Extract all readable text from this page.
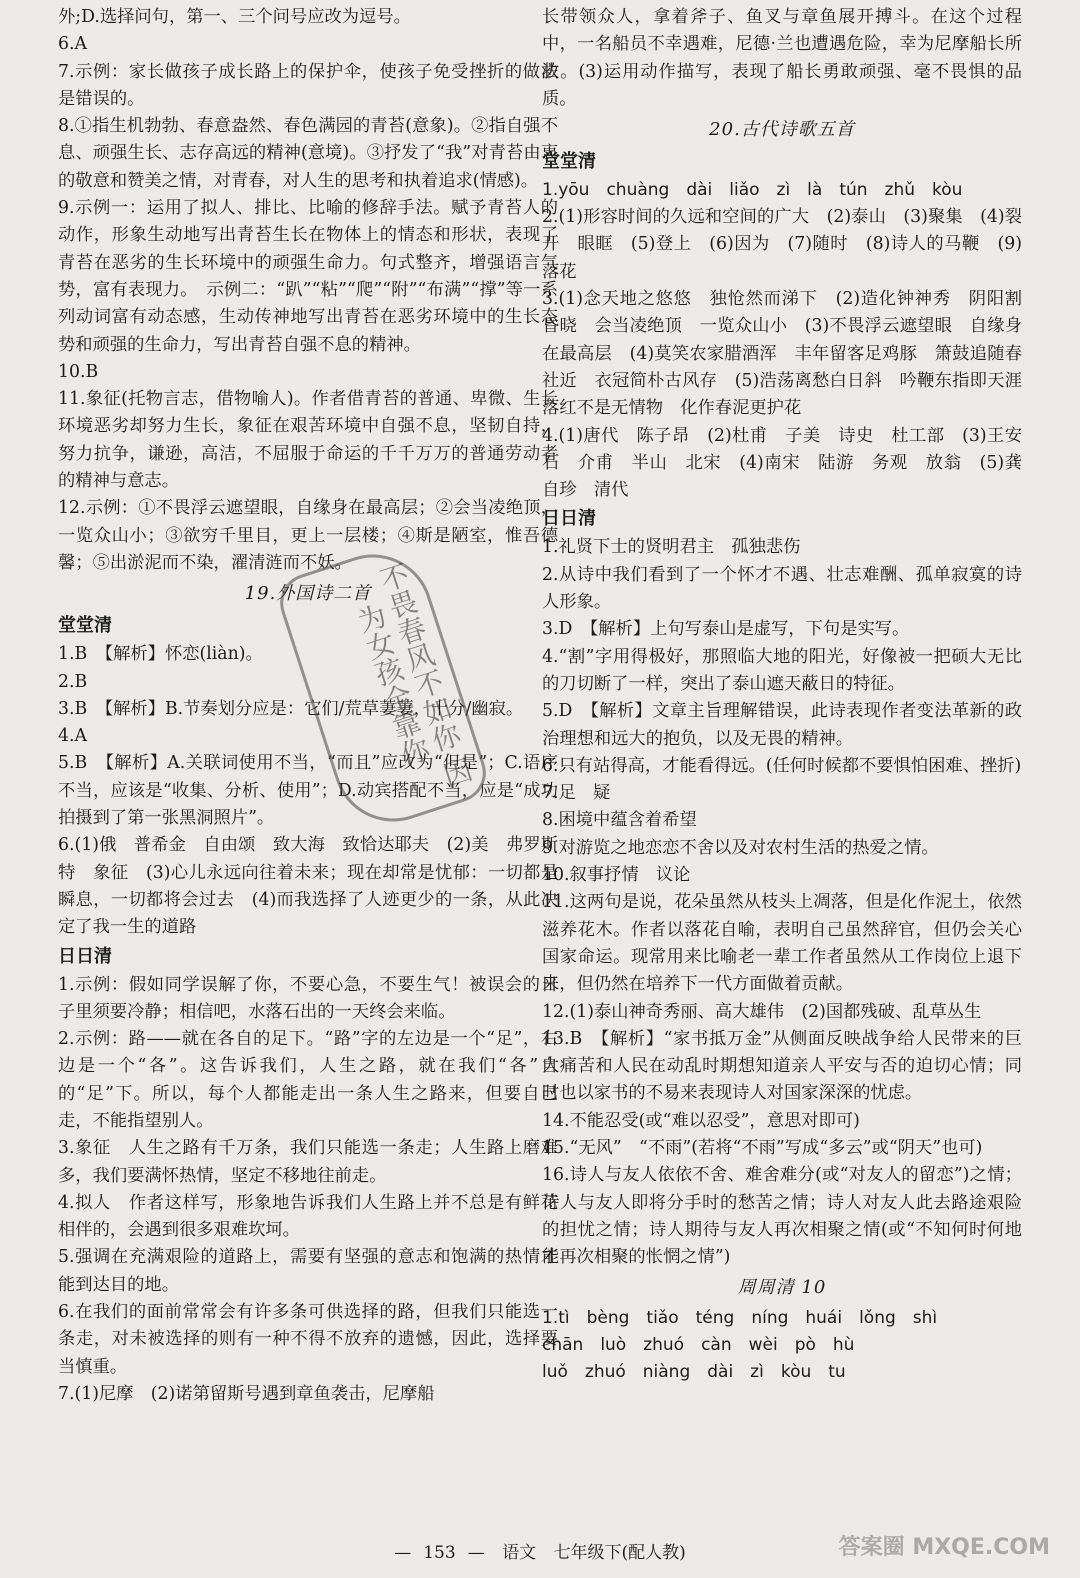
外;D.选择问句，第一、三个问号应改为逗号。

6.A

7.示例：家长做孩子成长路上的保护伞，使孩子免受挫折的做法是错误的。

8.①指生机勃勃、春意盎然、春色满园的青苔(意象)。②指自强不息、顽强生长、志存高远的精神(意境)。③抒发了“我”对青苔由衷的敬意和赞美之情，对青春，对人生的思考和执着追求(情感)。

9.示例一：运用了拟人、排比、比喻的修辞手法。赋予青苔人的动作，形象生动地写出青苔生长在物体上的情态和形状，表现了青苔在恶劣的生长环境中的顽强生命力。句式整齐，增强语言气势，富有表现力。　示例二：“趴”“粘”“爬”“附”“布满”“撑”等一系列动词富有动态感，生动传神地写出青苔在恶劣环境中的生长态势和顽强的生命力，写出青苔自强不息的精神。

10.B

11.象征(托物言志，借物喻人)。作者借青苔的普通、卑微、生长环境恶劣却努力生长，象征在艰苦环境中自强不息，坚韧自持，努力抗争，谦逊，高洁，不屈服于命运的千千万万的普通劳动者的精神与意志。

12.示例：①不畏浮云遮望眼，自缘身在最高层；②会当凌绝顶，一览众山小；③欲穷千里目，更上一层楼；④斯是陋室，惟吾德馨；⑤出淤泥而不染，濯清涟而不妖。

19.外国诗二首

堂堂清

1.B　【解析】怀恋(liàn)。

2.B

3.B　【解析】B.节奏划分应是：它们/荒草萋萋，十分/幽寂。

4.A

5.B　【解析】A.关联词使用不当，“而且”应改为“但是”；C.语序不当，应该是“收集、分析、使用”；D.动宾搭配不当，应是“成功拍摄到了第一张黑洞照片”。

6.(1)俄　普希金　自由颂　致大海　致恰达耶夫　(2)美　弗罗斯特　象征　(3)心儿永远向往着未来；现在却常是忧郁：一切都是瞬息，一切都将会过去　(4)而我选择了人迹更少的一条，从此决定了我一生的道路

日日清

1.示例：假如同学误解了你，不要心急，不要生气！被误会的日子里须要冷静；相信吧，水落石出的一天终会来临。

2.示例：路——就在各自的足下。“路”字的左边是一个“足”，右边是一个“各”。这告诉我们，人生之路，就在我们“各”自的“足”下。所以，每个人都能走出一条人生之路来，但要自己走，不能指望别人。

3.象征　人生之路有千万条，我们只能选一条走；人生路上磨难多，我们要满怀热情，坚定不移地往前走。

4.拟人　作者这样写，形象地告诉我们人生路上并不总是有鲜花相伴的，会遇到很多艰难坎坷。

5.强调在充满艰险的道路上，需要有坚强的意志和饱满的热情才能到达目的地。

6.在我们的面前常常会有许多条可供选择的路，但我们只能选一条走，对未被选择的则有一种不得不放弃的遗憾，因此，选择要当慎重。

7.(1)尼摩　(2)诺第留斯号遇到章鱼袭击，尼摩船

长带领众人，拿着斧子、鱼叉与章鱼展开搏斗。在这个过程中，一名船员不幸遇难，尼德·兰也遭遇危险，幸为尼摩船长所救。(3)运用动作描写，表现了船长勇敢顽强、毫不畏惧的品质。

20.古代诗歌五首

堂堂清

1.yōu　chuàng　dài　liǎo　zì　là　tún　zhǔ　kòu

2.(1)形容时间的久远和空间的广大　(2)泰山　(3)聚集　(4)裂开　眼眶　(5)登上　(6)因为　(7)随时　(8)诗人的马鞭　(9)落花

3.(1)念天地之悠悠　独怆然而涕下　(2)造化钟神秀　阴阳割昏晓　会当凌绝顶　一览众山小　(3)不畏浮云遮望眼　自缘身在最高层　(4)莫笑农家腊酒浑　丰年留客足鸡豚　箫鼓追随春社近　衣冠简朴古风存　(5)浩荡离愁白日斜　吟鞭东指即天涯　落红不是无情物　化作春泥更护花

4.(1)唐代　陈子昂　(2)杜甫　子美　诗史　杜工部　(3)王安石　介甫　半山　北宋　(4)南宋　陆游　务观　放翁　(5)龚自珍　清代

日日清

1.礼贤下士的贤明君主　孤独悲伤

2.从诗中我们看到了一个怀才不遇、壮志难酬、孤单寂寞的诗人形象。

3.D　【解析】上句写泰山是虚写，下句是实写。

4.“割”字用得极好，那照临大地的阳光，好像被一把硕大无比的刀切断了一样，突出了泰山遮天蔽日的特征。

5.D　【解析】文章主旨理解错误，此诗表现作者变法革新的政治理想和远大的抱负，以及无畏的精神。

6.只有站得高，才能看得远。(任何时候都不要惧怕困难、挫折)

7.足　疑

8.困境中蕴含着希望

9.对游览之地恋恋不舍以及对农村生活的热爱之情。

10.叙事抒情　议论

11.这两句是说，花朵虽然从枝头上凋落，但是化作泥土，依然滋养花木。作者以落花自喻，表明自己虽然辞官，但仍会关心国家命运。现常用来比喻老一辈工作者虽然从工作岗位上退下来，但仍然在培养下一代方面做着贡献。

12.(1)泰山神奇秀丽、高大雄伟　(2)国都残破、乱草丛生

13.B　【解析】“家书抵万金”从侧面反映战争给人民带来的巨大痛苦和人民在动乱时期想知道亲人平安与否的迫切心情；同时也以家书的不易来表现诗人对国家深深的忧虑。

14.不能忍受(或“难以忍受”，意思对即可)

15.“无风”　“不雨”(若将“不雨”写成“多云”或“阴天”也可)

16.诗人与友人依依不舍、难舍难分(或“对友人的留恋”)之情；诗人与友人即将分手时的愁苦之情；诗人对友人此去路途艰险的担忧之情；诗人期待与友人再次相聚之情(或“不知何时何地能再次相聚的怅惘之情”)

周周清 10

1.tì　bèng　tiǎo　téng　níng　huái　lǒng　shì

chān　luò　zhuó　càn　wèi　pò　hù

luǒ　zhuó　niàng　dài　zì　kòu　tu

不畏春风不如你 因为女孩全靠你
— 153 — 语文 七年级下(配人教)	答案圈 MXQE.COM
